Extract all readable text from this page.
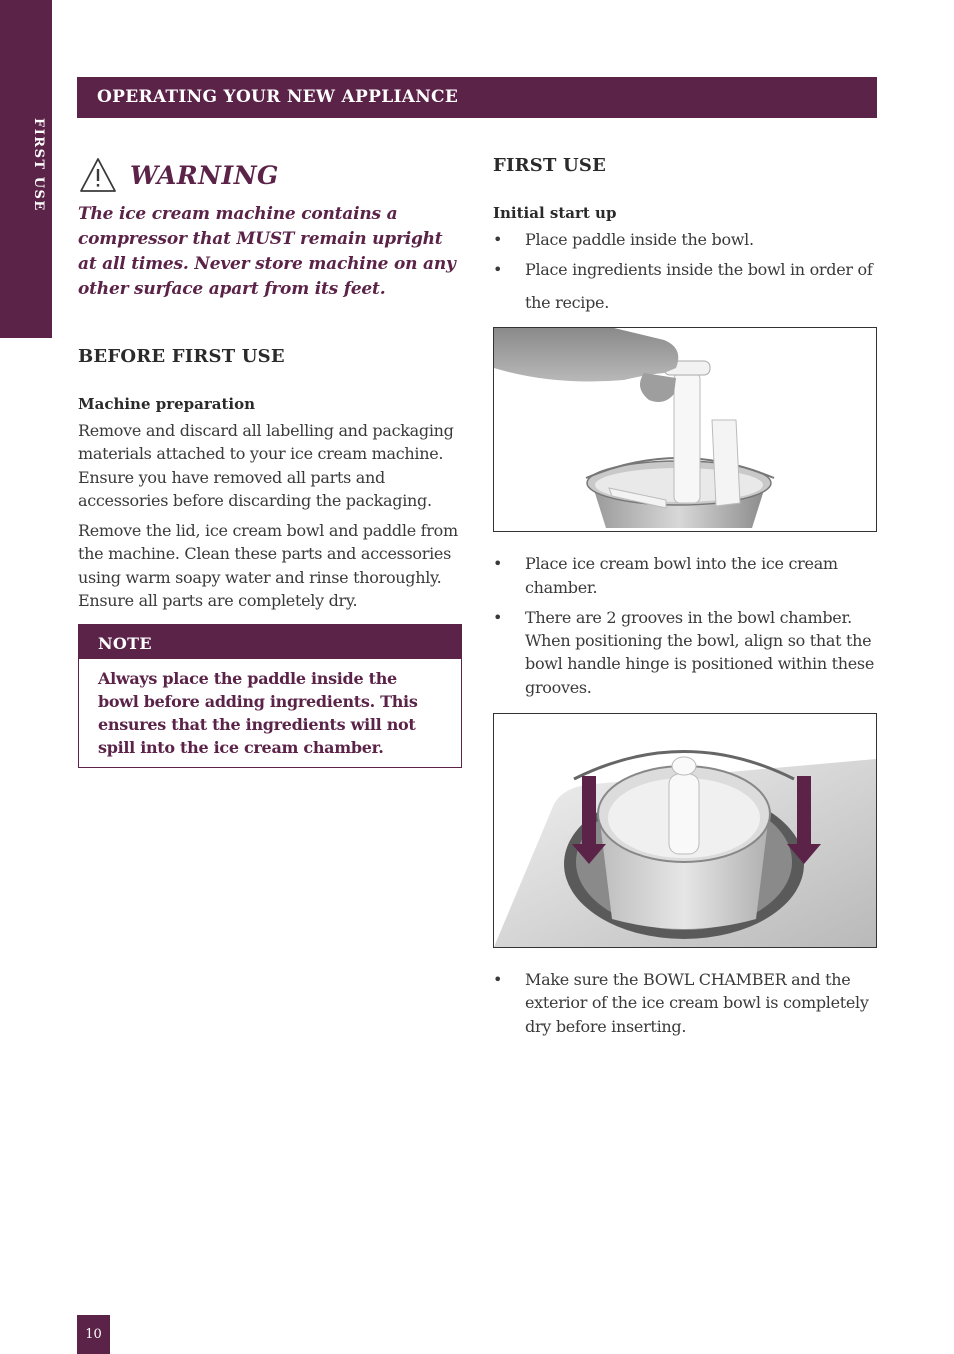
FIRST USE
OPERATING YOUR NEW APPLIANCE
WARNING

The ice cream machine contains a compressor that MUST remain upright at all times. Never store machine on any other surface apart from its feet.

BEFORE FIRST USE
Machine preparation

Remove and discard all labelling and packaging materials attached to your ice cream machine. Ensure you have removed all parts and accessories before discarding the packaging.

Remove the lid, ice cream bowl and paddle from the machine. Clean these parts and accessories using warm soapy water and rinse thoroughly. Ensure all parts are completely dry.

NOTE

Always place the paddle inside the bowl before adding ingredients. This ensures that the ingredients will not spill into the ice cream chamber.

FIRST USE
Initial start up
• Place paddle inside the bowl.
• Place ingredients inside the bowl in order of the recipe.
• Place ice cream bowl into the ice cream chamber.
• There are 2 grooves in the bowl chamber. When positioning the bowl, align so that the bowl handle hinge is positioned within these grooves.
• Make sure the BOWL CHAMBER and the exterior of the ice cream bowl is completely dry before inserting.
10
